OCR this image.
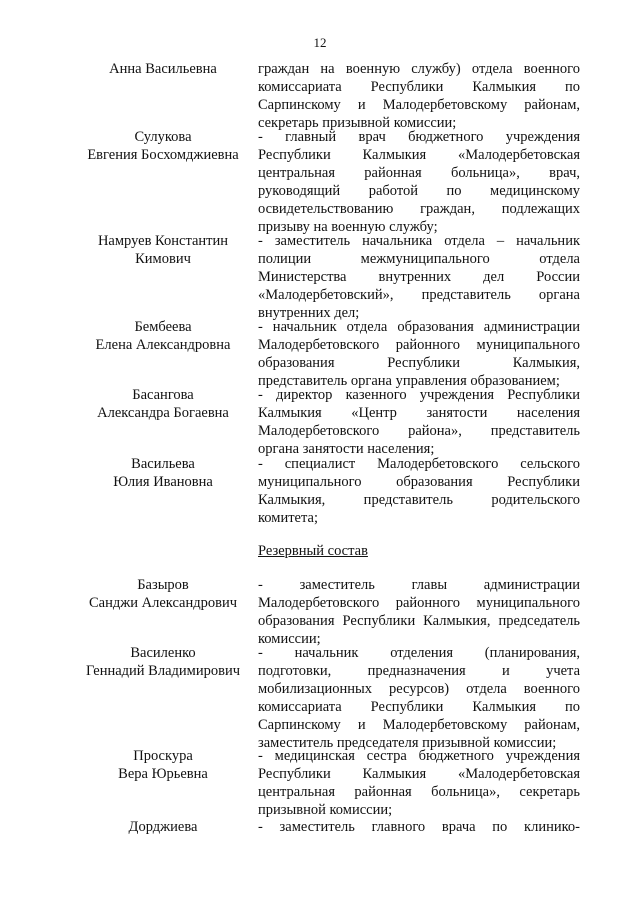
12
Анна Васильевна	граждан на военную службу) отдела военного
комиссариата Республики Калмыкия по
Сарпинскому и Малодербетовскому районам,
секретарь призывной комиссии;
Сулукова
Евгения Босхомджиевна
- главный врач бюджетного учреждения
Республики Калмыкия «Малодербетовская
центральная районная больница», врач,
руководящий работой по медицинскому
освидетельствованию граждан, подлежащих
призыву на военную службу;
Намруев Константин
Кимович
- заместитель начальника отдела – начальник
полиции межмуниципального отдела
Министерства внутренних дел России
«Малодербетовский», представитель органа
внутренних дел;
Бембеева
Елена Александровна
- начальник отдела образования администрации
Малодербетовского районного муниципального
образования Республики Калмыкия,
представитель органа управления образованием;
Басангова
Александра Богаевна
- директор казенного учреждения Республики
Калмыкия «Центр занятости населения
Малодербетовского района», представитель
органа занятости населения;
Васильева
Юлия Ивановна
- специалист Малодербетовского сельского
муниципального образования Республики
Калмыкия, представитель родительского
комитета;
Резервный состав
Базыров
Санджи Александрович
- заместитель главы администрации
Малодербетовского районного муниципального
образования Республики Калмыкия, председатель
комиссии;
Василенко
Геннадий Владимирович
- начальник отделения (планирования,
подготовки, предназначения и учета
мобилизационных ресурсов) отдела военного
комиссариата Республики Калмыкия по
Сарпинскому и Малодербетовскому районам,
заместитель председателя призывной комиссии;
Проскура
Вера Юрьевна
- медицинская сестра бюджетного учреждения
Республики Калмыкия «Малодербетовская
центральная районная больница», секретарь
призывной комиссии;
Дорджиева	- заместитель главного врача по клинико-
